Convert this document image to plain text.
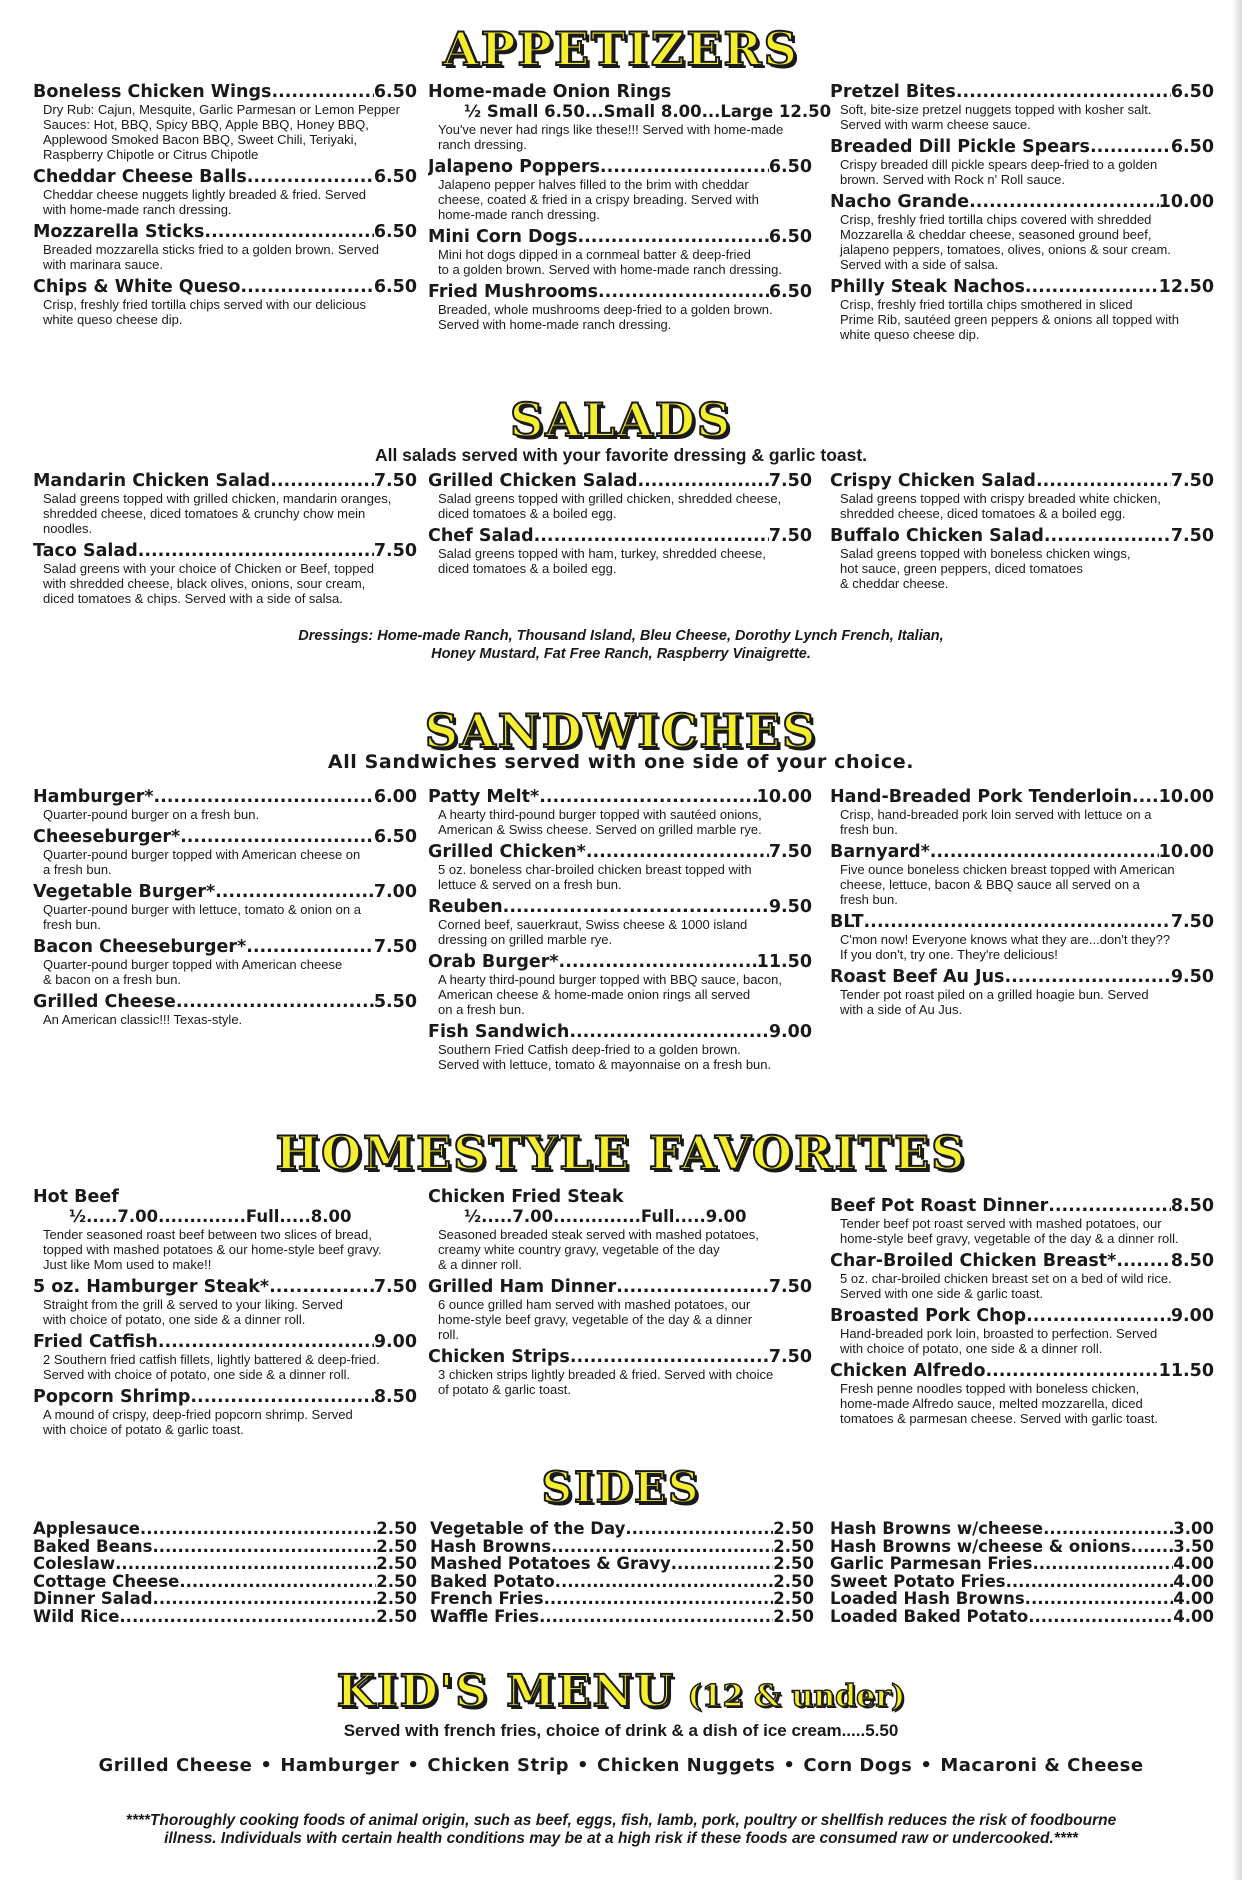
APPETIZERS
Boneless Chicken Wings .....	6.50
Dry Rub: Cajun, Mesquite, Garlic Parmesan or Lemon Pepper
Sauces: Hot, BBQ, Spicy BBQ, Apple BBQ, Honey BBQ,
Applewood Smoked Bacon BBQ, Sweet Chili, Teriyaki,
Raspberry Chipotle or Citrus Chipotle
Cheddar Cheese Balls .....	6.50
Cheddar cheese nuggets lightly breaded & fried. Served
with home-made ranch dressing.
Mozzarella Sticks .....	6.50
Breaded mozzarella sticks fried to a golden brown. Served
with marinara sauce.
Chips & White Queso .....	6.50
Crisp, freshly fried tortilla chips served with our delicious
white queso cheese dip.
Home-made Onion Rings
½ Small 6.50...Small 8.00...Large 12.50
You've never had rings like these!!! Served with home-made
ranch dressing.
Jalapeno Poppers .....	6.50
Jalapeno pepper halves filled to the brim with cheddar
cheese, coated & fried in a crispy breading. Served with
home-made ranch dressing.
Mini Corn Dogs .....	6.50
Mini hot dogs dipped in a cornmeal batter & deep-fried
to a golden brown. Served with home-made ranch dressing.
Fried Mushrooms .....	6.50
Breaded, whole mushrooms deep-fried to a golden brown.
Served with home-made ranch dressing.
Pretzel Bites .....	6.50
Soft, bite-size pretzel nuggets topped with kosher salt.
Served with warm cheese sauce.
Breaded Dill Pickle Spears .....	6.50
Crispy breaded dill pickle spears deep-fried to a golden
brown. Served with Rock n' Roll sauce.
Nacho Grande .....	10.00
Crisp, freshly fried tortilla chips covered with shredded
Mozzarella & cheddar cheese, seasoned ground beef,
jalapeno peppers, tomatoes, olives, onions & sour cream.
Served with a side of salsa.
Philly Steak Nachos .....	12.50
Crisp, freshly fried tortilla chips smothered in sliced
Prime Rib, sautéed green peppers & onions all topped with
white queso cheese dip.
SALADS
All salads served with your favorite dressing & garlic toast.
Mandarin Chicken Salad .....	7.50
Salad greens topped with grilled chicken, mandarin oranges,
shredded cheese, diced tomatoes & crunchy chow mein
noodles.
Taco Salad .....	7.50
Salad greens with your choice of Chicken or Beef, topped
with shredded cheese, black olives, onions, sour cream,
diced tomatoes & chips. Served with a side of salsa.
Grilled Chicken Salad .....	7.50
Salad greens topped with grilled chicken, shredded cheese,
diced tomatoes & a boiled egg.
Chef Salad .....	7.50
Salad greens topped with ham, turkey, shredded cheese,
diced tomatoes & a boiled egg.
Crispy Chicken Salad .....	7.50
Salad greens topped with crispy breaded white chicken,
shredded cheese, diced tomatoes & a boiled egg.
Buffalo Chicken Salad .....	7.50
Salad greens topped with boneless chicken wings,
hot sauce, green peppers, diced tomatoes
& cheddar cheese.
Dressings: Home-made Ranch, Thousand Island, Bleu Cheese, Dorothy Lynch French, Italian,
Honey Mustard, Fat Free Ranch, Raspberry Vinaigrette.
SANDWICHES
All Sandwiches served with one side of your choice.
Hamburger* .....	6.00
Quarter-pound burger on a fresh bun.
Cheeseburger* .....	6.50
Quarter-pound burger topped with American cheese on
a fresh bun.
Vegetable Burger* .....	7.00
Quarter-pound burger with lettuce, tomato & onion on a
fresh bun.
Bacon Cheeseburger* .....	7.50
Quarter-pound burger topped with American cheese
& bacon on a fresh bun.
Grilled Cheese .....	5.50
An American classic!!! Texas-style.
Patty Melt* .....	10.00
A hearty third-pound burger topped with sautéed onions,
American & Swiss cheese. Served on grilled marble rye.
Grilled Chicken* .....	7.50
5 oz. boneless char-broiled chicken breast topped with
lettuce & served on a fresh bun.
Reuben .....	9.50
Corned beef, sauerkraut, Swiss cheese & 1000 island
dressing on grilled marble rye.
Orab Burger* .....	11.50
A hearty third-pound burger topped with BBQ sauce, bacon,
American cheese & home-made onion rings all served
on a fresh bun.
Fish Sandwich .....	9.00
Southern Fried Catfish deep-fried to a golden brown.
Served with lettuce, tomato & mayonnaise on a fresh bun.
Hand-Breaded Pork Tenderloin ..... 10.00
Crisp, hand-breaded pork loin served with lettuce on a
fresh bun.
Barnyard* .....	10.00
Five ounce boneless chicken breast topped with American
cheese, lettuce, bacon & BBQ sauce all served on a
fresh bun.
BLT .....	7.50
C'mon now! Everyone knows what they are...don't they??
If you don't, try one. They're delicious!
Roast Beef Au Jus .....	9.50
Tender pot roast piled on a grilled hoagie bun. Served
with a side of Au Jus.
HOMESTYLE FAVORITES
Hot Beef
½.....7.00..............Full.....8.00
Tender seasoned roast beef between two slices of bread,
topped with mashed potatoes & our home-style beef gravy.
Just like Mom used to make!!
5 oz. Hamburger Steak* .....	7.50
Straight from the grill & served to your liking. Served
with choice of potato, one side & a dinner roll.
Fried Catfish .....	9.00
2 Southern fried catfish fillets, lightly battered & deep-fried.
Served with choice of potato, one side & a dinner roll.
Popcorn Shrimp .....	8.50
A mound of crispy, deep-fried popcorn shrimp. Served
with choice of potato & garlic toast.
Chicken Fried Steak
½.....7.00..............Full.....9.00
Seasoned breaded steak served with mashed potatoes,
creamy white country gravy, vegetable of the day
& a dinner roll.
Grilled Ham Dinner .....	7.50
6 ounce grilled ham served with mashed potatoes, our
home-style beef gravy, vegetable of the day & a dinner
roll.
Chicken Strips .....	7.50
3 chicken strips lightly breaded & fried. Served with choice
of potato & garlic toast.
Beef Pot Roast Dinner .....	8.50
Tender beef pot roast served with mashed potatoes, our
home-style beef gravy, vegetable of the day & a dinner roll.
Char-Broiled Chicken Breast* .....	8.50
5 oz. char-broiled chicken breast set on a bed of wild rice.
Served with one side & garlic toast.
Broasted Pork Chop .....	9.00
Hand-breaded pork loin, broasted to perfection. Served
with choice of potato, one side & a dinner roll.
Chicken Alfredo .....	11.50
Fresh penne noodles topped with boneless chicken,
home-made Alfredo sauce, melted mozzarella, diced
tomatoes & parmesan cheese. Served with garlic toast.
SIDES
Applesauce .....	2.50
Baked Beans .....	2.50
Coleslaw .....	2.50
Cottage Cheese .....	2.50
Dinner Salad .....	2.50
Wild Rice .....	2.50
Vegetable of the Day .....	2.50
Hash Browns .....	2.50
Mashed Potatoes & Gravy .....	2.50
Baked Potato .....	2.50
French Fries .....	2.50
Waffle Fries .....	2.50
Hash Browns w/cheese .....	3.00
Hash Browns w/cheese & onions .....	3.50
Garlic Parmesan Fries .....	4.00
Sweet Potato Fries .....	4.00
Loaded Hash Browns .....	4.00
Loaded Baked Potato .....	4.00
KID'S MENU (12 & under)
Served with french fries, choice of drink & a dish of ice cream.....5.50
Grilled Cheese • Hamburger • Chicken Strip • Chicken Nuggets • Corn Dogs • Macaroni & Cheese
****Thoroughly cooking foods of animal origin, such as beef, eggs, fish, lamb, pork, poultry or shellfish reduces the risk of foodbourne
illness. Individuals with certain health conditions may be at a high risk if these foods are consumed raw or undercooked.****
